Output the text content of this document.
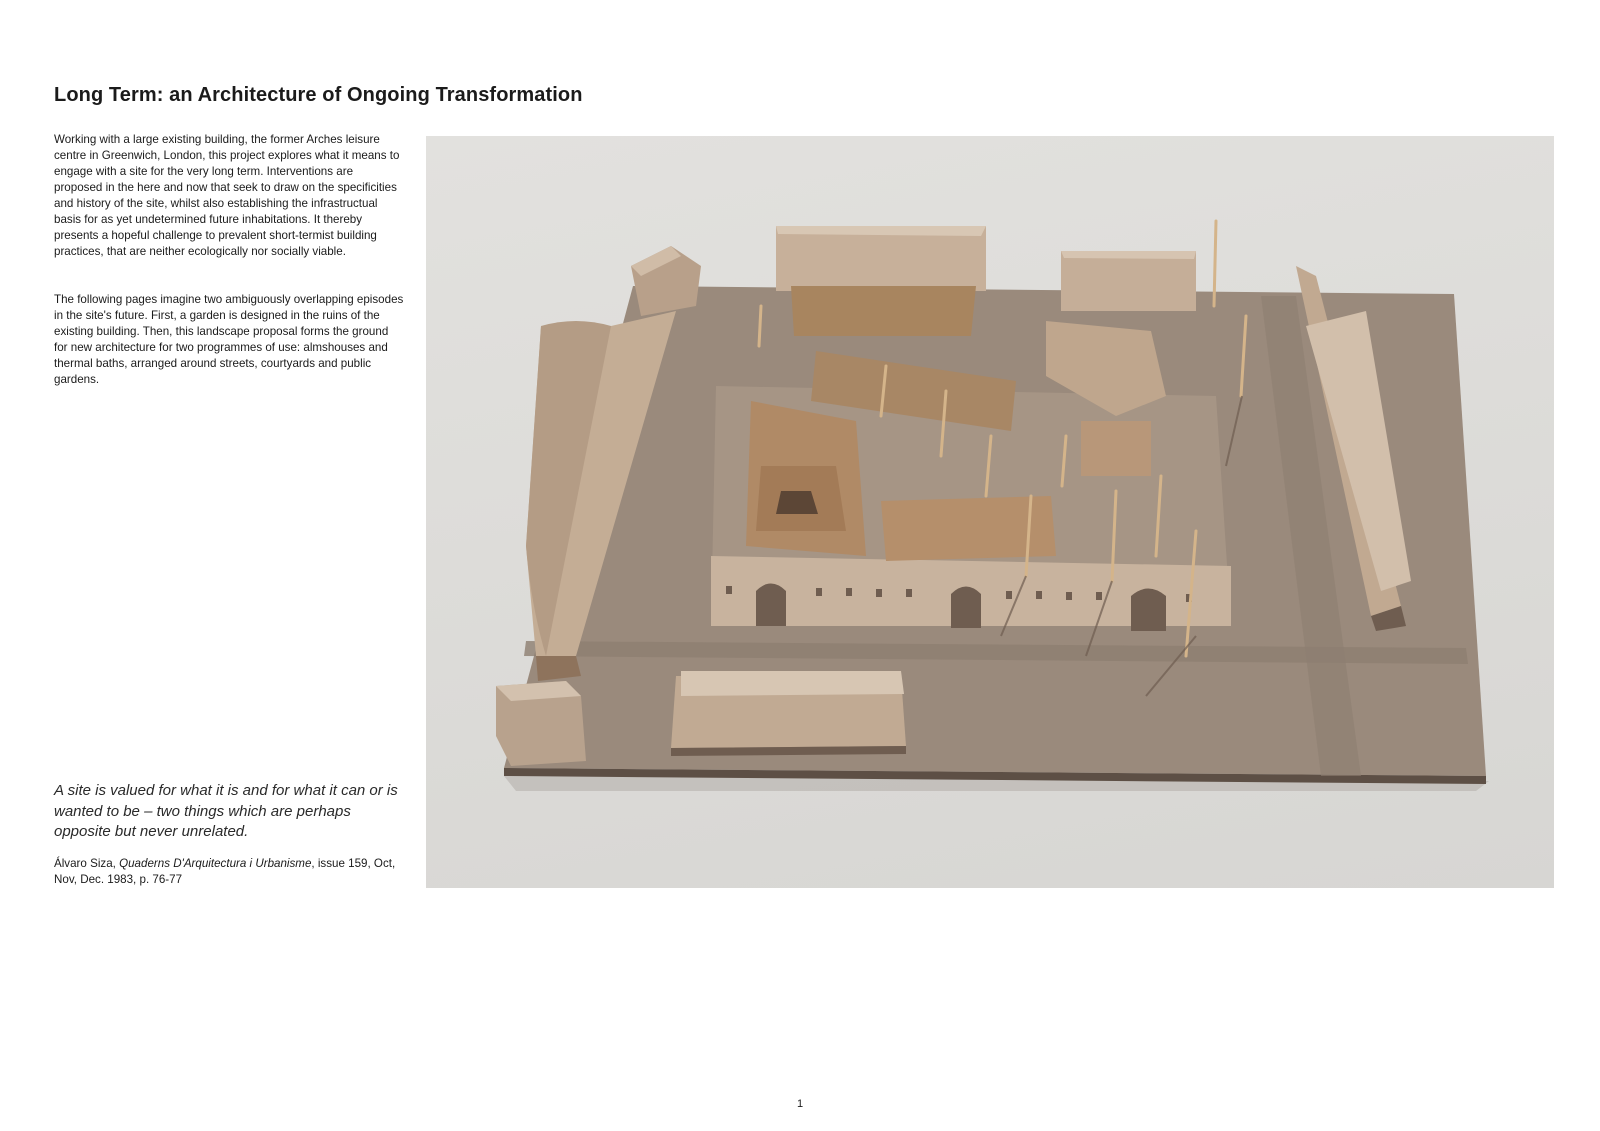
Long Term: an Architecture of Ongoing Transformation

Working with a large existing building, the former Arches leisure centre in Greenwich, London, this project explores what it means to engage with a site for the very long term. Interventions are proposed in the here and now that seek to draw on the specificities and history of the site, whilst also establishing the infrastructual basis for as yet undetermined future inhabitations. It thereby presents a hopeful challenge to prevalent short-termist building practices, that are neither ecologically nor socially viable.

The following pages imagine two ambiguously overlapping episodes in the site's future. First, a garden is designed in the ruins of the existing building. Then, this landscape proposal forms the ground for new architecture for two programmes of use: almshouses and thermal baths, arranged around streets, courtyards and public gardens.

A site is valued for what it is and for what it can or is wanted to be – two things which are perhaps opposite but never unrelated.

Álvaro Siza, Quaderns D'Arquitectura i Urbanisme, issue 159, Oct, Nov, Dec. 1983, p. 76-77

1
